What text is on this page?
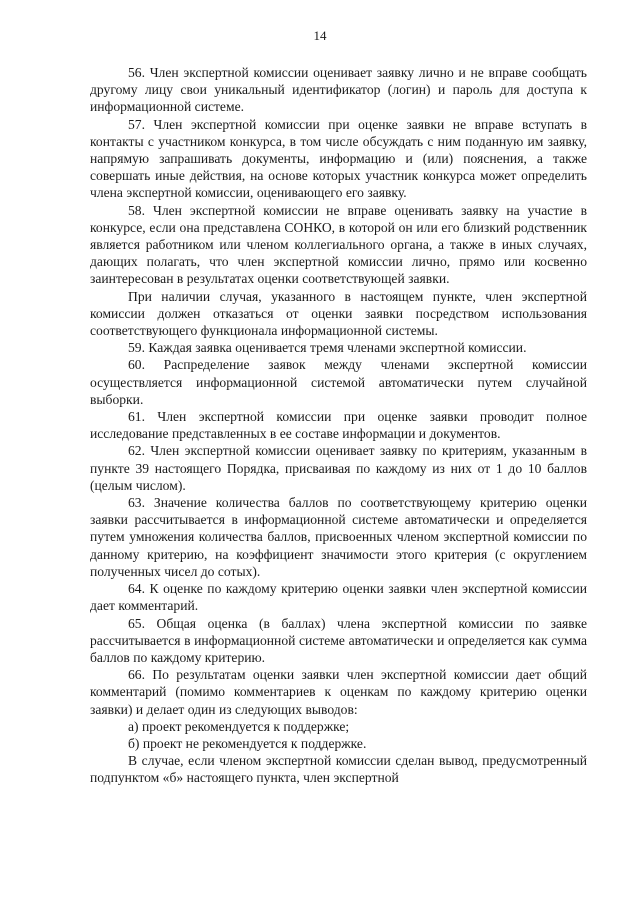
14

56. Член экспертной комиссии оценивает заявку лично и не вправе сообщать другому лицу свои уникальный идентификатор (логин) и пароль для доступа к информационной системе.

57. Член экспертной комиссии при оценке заявки не вправе вступать в контакты с участником конкурса, в том числе обсуждать с ним поданную им заявку, напрямую запрашивать документы, информацию и (или) пояснения, а также совершать иные действия, на основе которых участник конкурса может определить члена экспертной комиссии, оценивающего его заявку.

58. Член экспертной комиссии не вправе оценивать заявку на участие в конкурсе, если она представлена СОНКО, в которой он или его близкий родственник является работником или членом коллегиального органа, а также в иных случаях, дающих полагать, что член экспертной комиссии лично, прямо или косвенно заинтересован в результатах оценки соответствующей заявки.

При наличии случая, указанного в настоящем пункте, член экспертной комиссии должен отказаться от оценки заявки посредством использования соответствующего функционала информационной системы.

59. Каждая заявка оценивается тремя членами экспертной комиссии.

60. Распределение заявок между членами экспертной комиссии осуществляется информационной системой автоматически путем случайной выборки.

61. Член экспертной комиссии при оценке заявки проводит полное исследование представленных в ее составе информации и документов.

62. Член экспертной комиссии оценивает заявку по критериям, указанным в пункте 39 настоящего Порядка, присваивая по каждому из них от 1 до 10 баллов (целым числом).

63. Значение количества баллов по соответствующему критерию оценки заявки рассчитывается в информационной системе автоматически и определяется путем умножения количества баллов, присвоенных членом экспертной комиссии по данному критерию, на коэффициент значимости этого критерия (с округлением полученных чисел до сотых).

64. К оценке по каждому критерию оценки заявки член экспертной комиссии дает комментарий.

65. Общая оценка (в баллах) члена экспертной комиссии по заявке рассчитывается в информационной системе автоматически и определяется как сумма баллов по каждому критерию.

66. По результатам оценки заявки член экспертной комиссии дает общий комментарий (помимо комментариев к оценкам по каждому критерию оценки заявки) и делает один из следующих выводов:

а) проект рекомендуется к поддержке;

б) проект не рекомендуется к поддержке.

В случае, если членом экспертной комиссии сделан вывод, предусмотренный подпунктом «б» настоящего пункта, член экспертной
